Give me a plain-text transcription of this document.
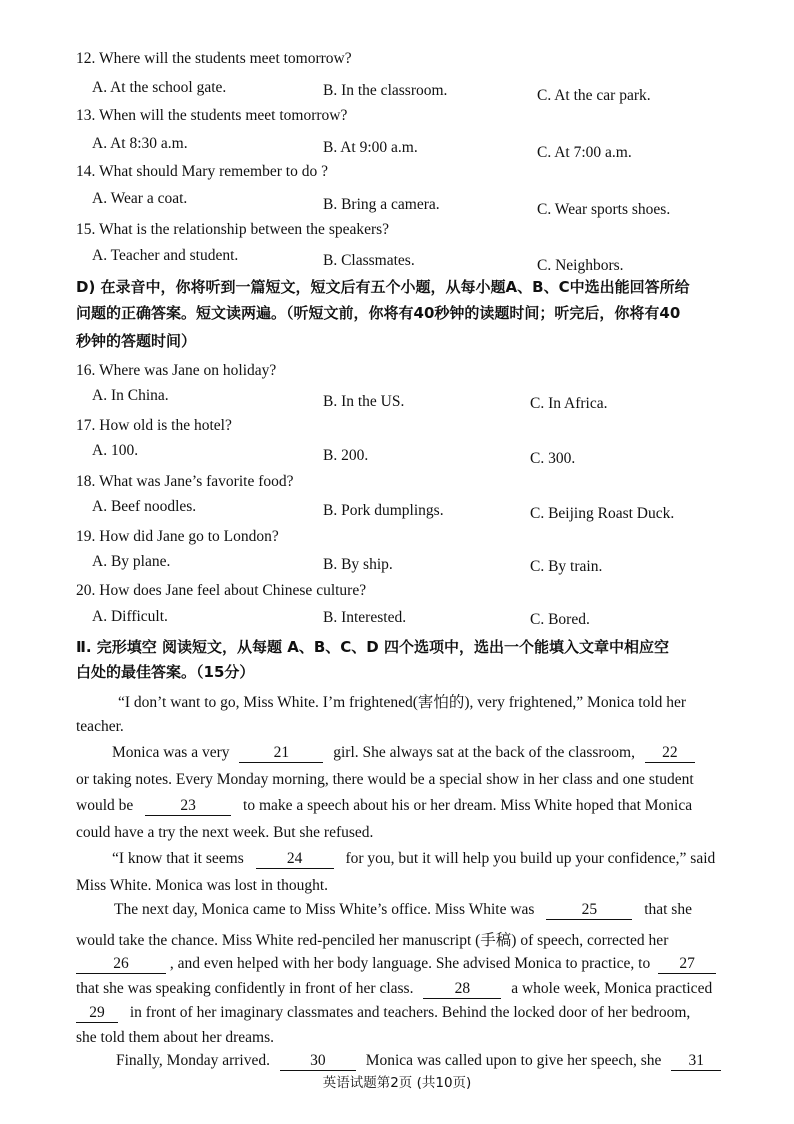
12. Where will the students meet tomorrow?
A. At the school gate.	B. In the classroom.	C. At the car park.
13. When will the students meet tomorrow?
A. At 8:30 a.m.	B. At 9:00 a.m.	C. At 7:00 a.m.
14. What should Mary remember to do ?
A. Wear a coat.	B. Bring a camera.	C. Wear sports shoes.
15. What is the relationship between the speakers?
A. Teacher and student.	B. Classmates.	C. Neighbors.
D) 在录音中，你将听到一篇短文，短文后有五个小题，从每小题A、B、C中选出能回答所给
问题的正确答案。短文读两遍。（听短文前，你将有40秒钟的读题时间；听完后，你将有40
秒钟的答题时间）
16. Where was Jane on holiday?
A. In China.	B. In the US.	C. In Africa.
17. How old is the hotel?
A. 100.	B. 200.	C. 300.
18. What was Jane’s favorite food?
A. Beef noodles.	B. Pork dumplings.	C. Beijing Roast Duck.
19. How did Jane go to London?
A. By plane.	B. By ship.	C. By train.
20. How does Jane feel about Chinese culture?
A. Difficult.	B. Interested.	C. Bored.
Ⅱ. 完形填空 阅读短文，从每题 A、B、C、D 四个选项中，选出一个能填入文章中相应空
白处的最佳答案。（15分）
“I don’t want to go, Miss White. I’m frightened(害怕的), very frightened,” Monica told her
teacher.
Monica was a very	21	girl. She always sat at the back of the classroom, 22
or taking notes. Every Monday morning, there would be a special show in her class and one student
would be	23	to make a speech about his or her dream. Miss White hoped that Monica
could have a try the next week. But she refused.
“I know that it seems	24	for you, but it will help you build up your confidence,” said
Miss White. Monica was lost in thought.
The next day, Monica came to Miss White’s office. Miss White was	25	that she
would take the chance. Miss White red-penciled her manuscript (手稿) of speech, corrected her
26	, and even helped with her body language. She advised Monica to practice, to 27
that she was speaking confidently in front of her class.	28	a whole week, Monica practiced
29 in front of her imaginary classmates and teachers. Behind the locked door of her bedroom,
she told them about her dreams.
Finally, Monday arrived.	30	Monica was called upon to give her speech, she 31
英语试题第2页 (共10页)
